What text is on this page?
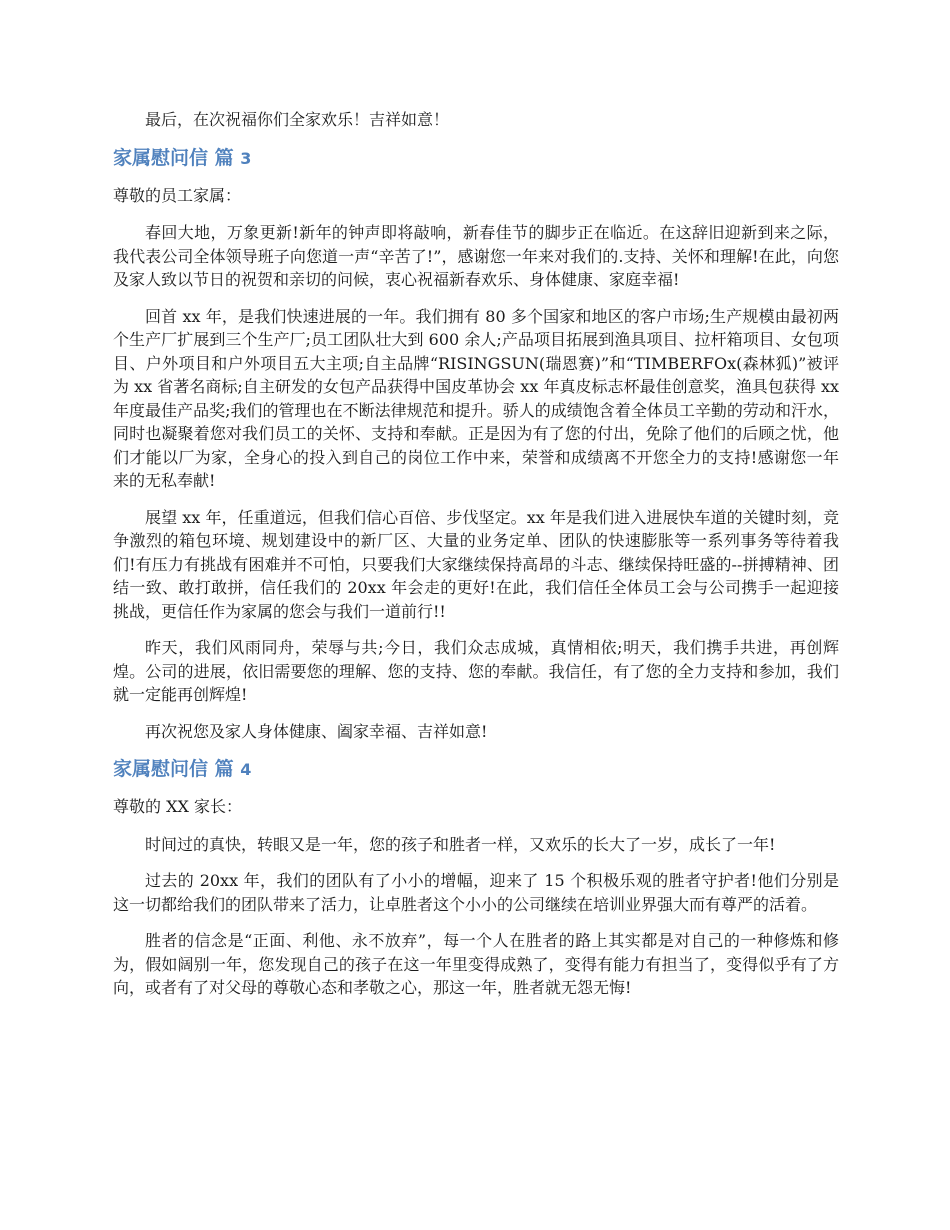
最后，在次祝福你们全家欢乐！吉祥如意！

家属慰问信 篇 3

尊敬的员工家属：

春回大地，万象更新!新年的钟声即将敲响，新春佳节的脚步正在临近。在这辞旧迎新到来之际，我代表公司全体领导班子向您道一声“辛苦了!”，感谢您一年来对我们的.支持、关怀和理解!在此，向您及家人致以节日的祝贺和亲切的问候，衷心祝福新春欢乐、身体健康、家庭幸福!

回首 xx 年，是我们快速进展的一年。我们拥有 80 多个国家和地区的客户市场;生产规模由最初两个生产厂扩展到三个生产厂;员工团队壮大到 600 余人;产品项目拓展到渔具项目、拉杆箱项目、女包项目、户外项目和户外项目五大主项;自主品牌“RISINGSUN(瑞恩赛)”和“TIMBERFOx(森林狐)”被评为 xx 省著名商标;自主研发的女包产品获得中国皮革协会 xx 年真皮标志杯最佳创意奖，渔具包获得 xx 年度最佳产品奖;我们的管理也在不断法律规范和提升。骄人的成绩饱含着全体员工辛勤的劳动和汗水，同时也凝聚着您对我们员工的关怀、支持和奉献。正是因为有了您的付出，免除了他们的后顾之忧，他们才能以厂为家，全身心的投入到自己的岗位工作中来，荣誉和成绩离不开您全力的支持!感谢您一年来的无私奉献!

展望 xx 年，任重道远，但我们信心百倍、步伐坚定。xx 年是我们进入进展快车道的关键时刻，竞争激烈的箱包环境、规划建设中的新厂区、大量的业务定单、团队的快速膨胀等一系列事务等待着我们!有压力有挑战有困难并不可怕，只要我们大家继续保持高昂的斗志、继续保持旺盛的--拼搏精神、团结一致、敢打敢拼，信任我们的 20xx 年会走的更好!在此，我们信任全体员工会与公司携手一起迎接挑战，更信任作为家属的您会与我们一道前行!!

昨天，我们风雨同舟，荣辱与共;今日，我们众志成城，真情相依;明天，我们携手共进，再创辉煌。公司的进展，依旧需要您的理解、您的支持、您的奉献。我信任，有了您的全力支持和参加，我们就一定能再创辉煌!

再次祝您及家人身体健康、阖家幸福、吉祥如意!

家属慰问信 篇 4

尊敬的 XX 家长：

时间过的真快，转眼又是一年，您的孩子和胜者一样，又欢乐的长大了一岁，成长了一年!

过去的 20xx 年，我们的团队有了小小的增幅，迎来了 15 个积极乐观的胜者守护者!他们分别是 这一切都给我们的团队带来了活力，让卓胜者这个小小的公司继续在培训业界强大而有尊严的活着。

胜者的信念是“正面、利他、永不放弃”，每一个人在胜者的路上其实都是对自己的一种修炼和修为，假如阔别一年，您发现自己的孩子在这一年里变得成熟了，变得有能力有担当了，变得似乎有了方向，或者有了对父母的尊敬心态和孝敬之心，那这一年，胜者就无怨无悔!
